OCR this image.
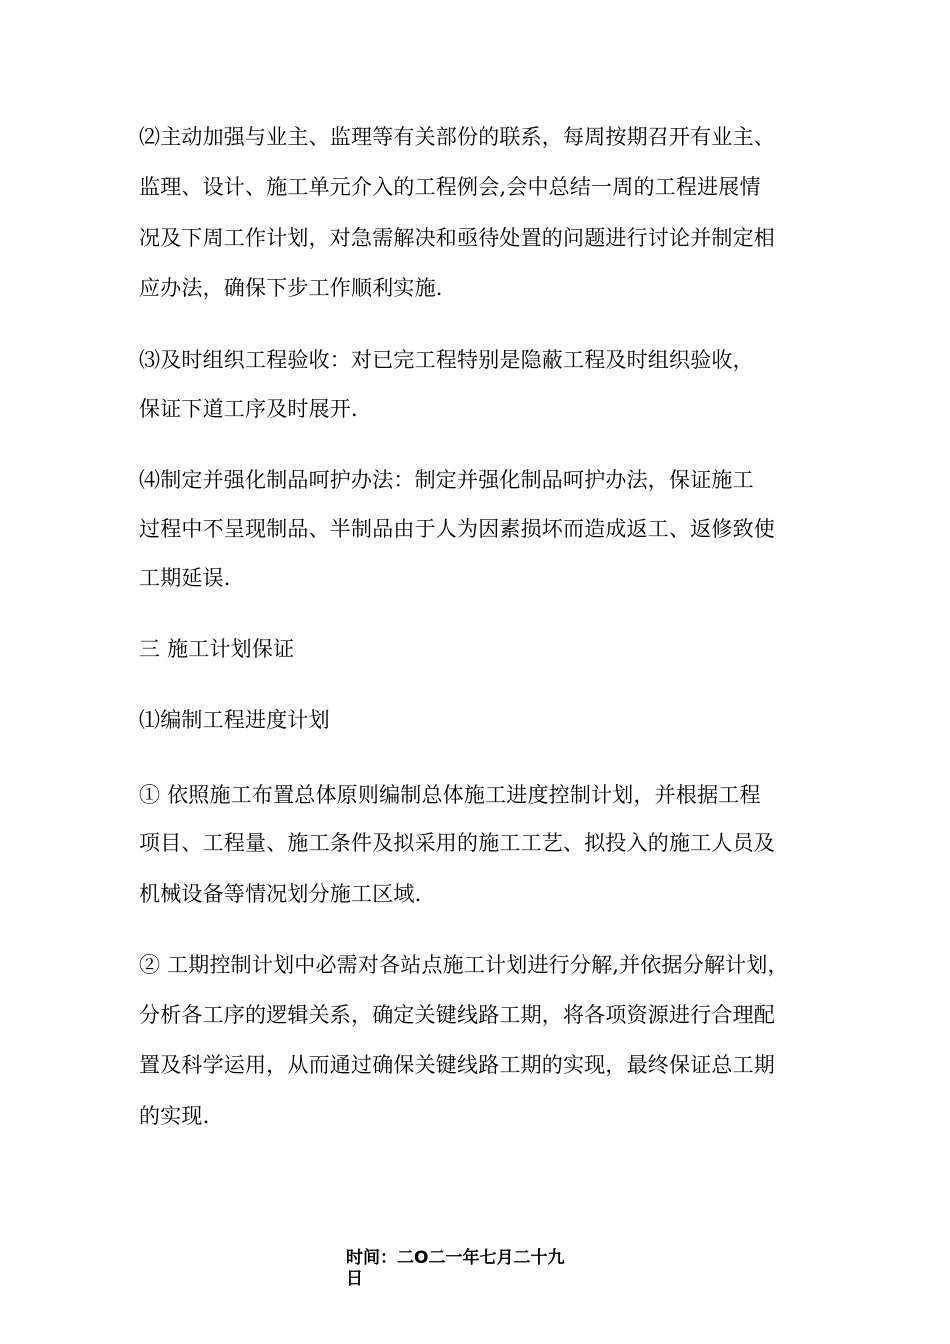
⑵主动加强与业主、监理等有关部份的联系，每周按期召开有业主、
监理、设计、施工单元介入的工程例会,会中总结一周的工程进展情
况及下周工作计划，对急需解决和亟待处置的问题进行讨论并制定相
应办法，确保下步工作顺利实施.
⑶及时组织工程验收：对已完工程特别是隐蔽工程及时组织验收，
保证下道工序及时展开.
⑷制定并强化制品呵护办法：制定并强化制品呵护办法，保证施工
过程中不呈现制品、半制品由于人为因素损坏而造成返工、返修致使
工期延误.
三 施工计划保证
⑴编制工程进度计划
① 依照施工布置总体原则编制总体施工进度控制计划，并根据工程
项目、工程量、施工条件及拟采用的施工工艺、拟投入的施工人员及
机械设备等情况划分施工区域.
② 工期控制计划中必需对各站点施工计划进行分解,并依据分解计划，
分析各工序的逻辑关系，确定关键线路工期，将各项资源进行合理配
置及科学运用，从而通过确保关键线路工期的实现，最终保证总工期
的实现.
时间：二O二一年七月二十九
日
